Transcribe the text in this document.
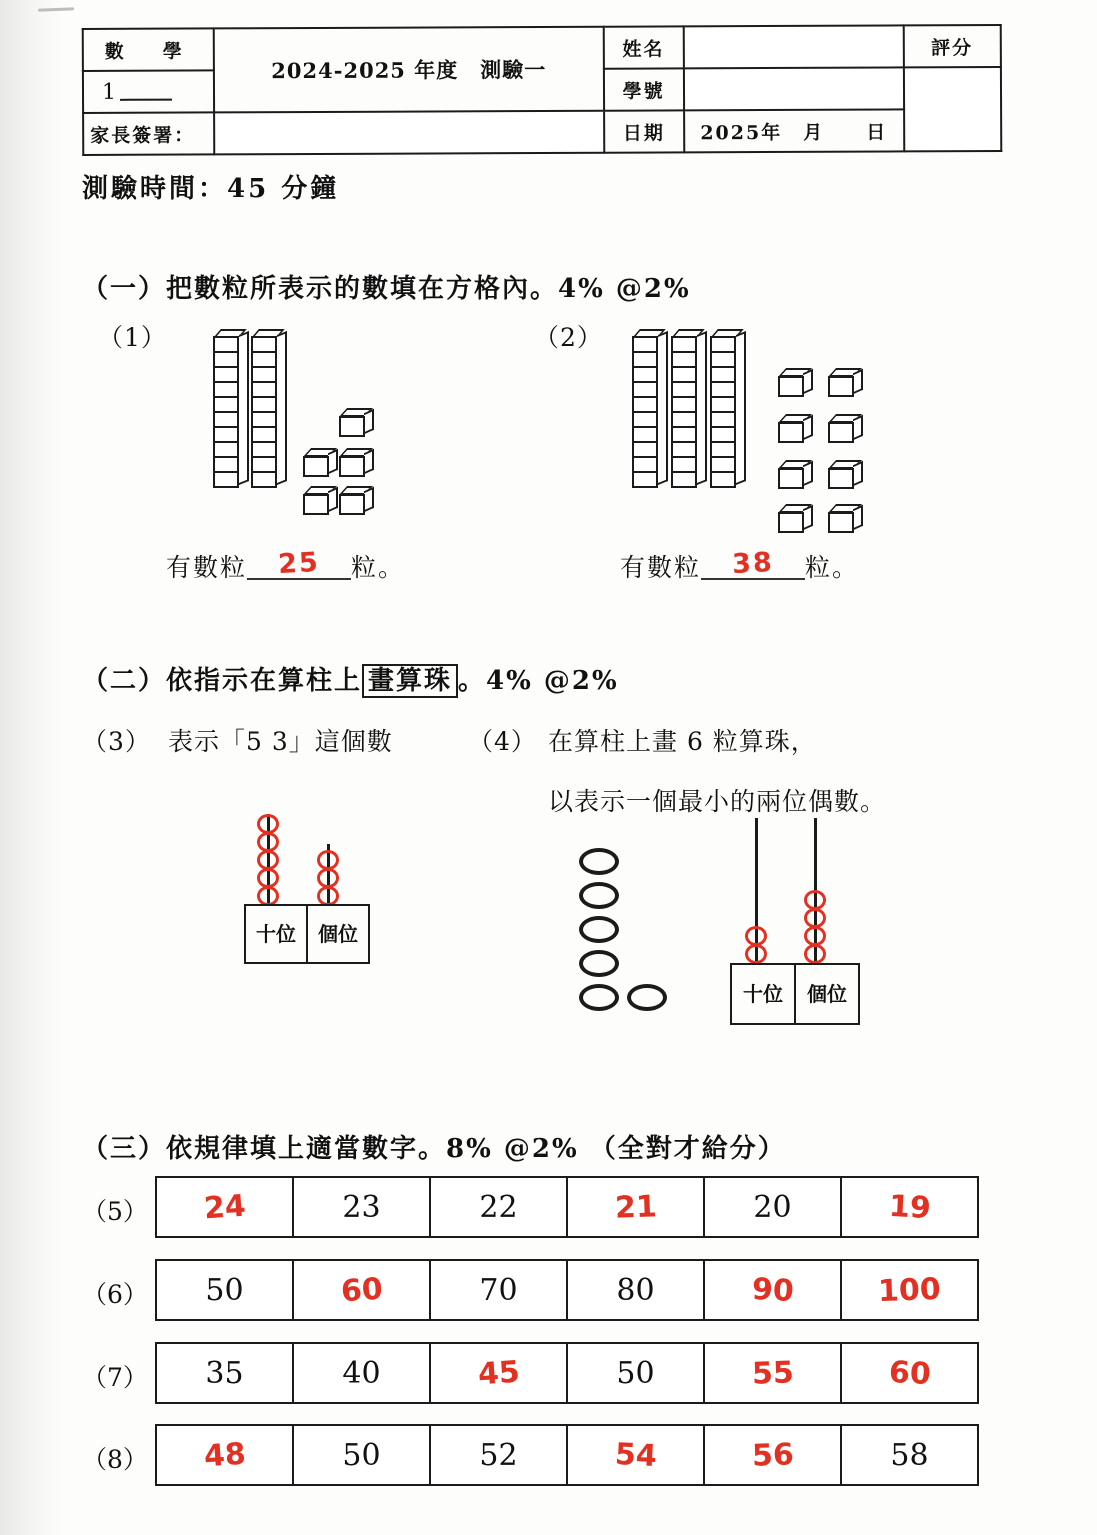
數　學	2024-2025 年度　測驗一	姓名		評分
1		學號		
家長簽署：		日期	2025年　月　　日	
測驗時間：45 分鐘
（一）把數粒所表示的數填在方格內。4% @2%
（1）	（2）
有數粒	25	粒。	有數粒	38	粒。
（二）依指示在算柱上 畫算珠 。4% @2%
（3） 表示「5 3」這個數	（4） 在算柱上畫 6 粒算珠，
以表示一個最小的兩位偶數。
十位 個位
十位 個位
（三）依規律填上適當數字。8% @2% （全對才給分）
（5） 24	23	22	21	20	19
（6） 50	60	70	80	90	100
（7） 35	40	45	50	55	60
（8） 48	50	52	54	56	58
